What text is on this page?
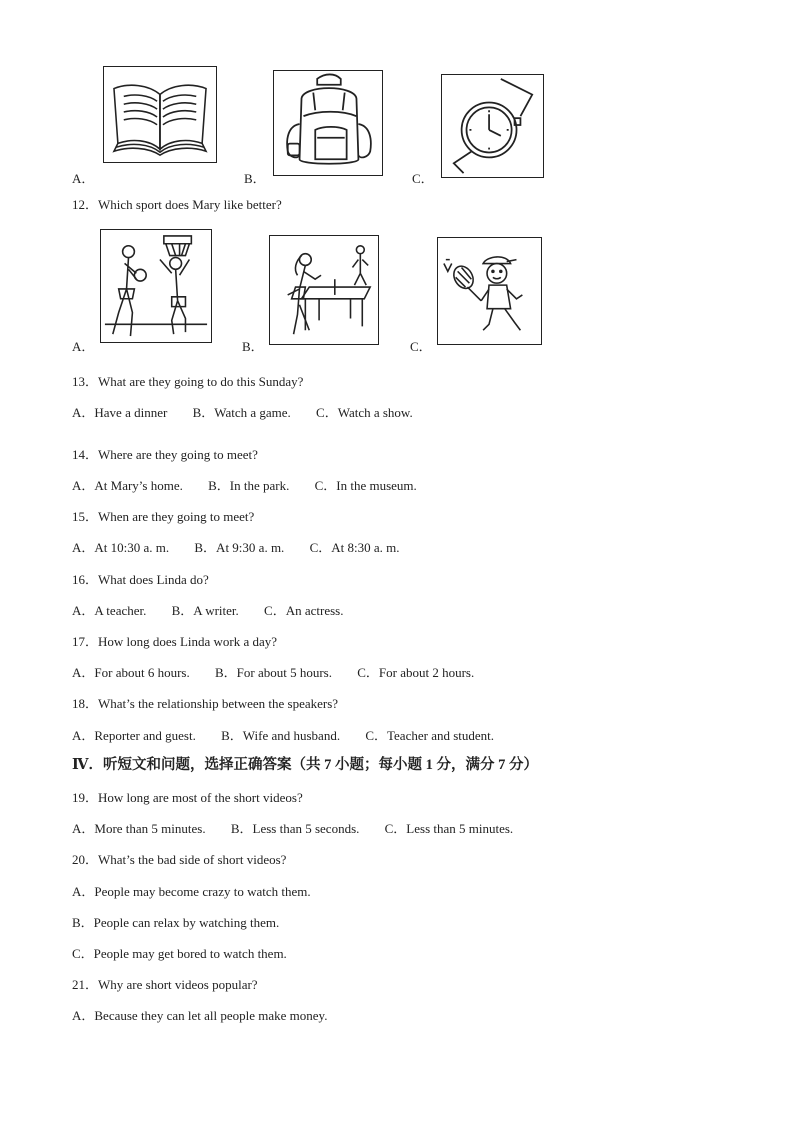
A．	B．	C．
12．Which sport does Mary like better?
A．	B．	C．
13．What are they going to do this Sunday?
A．Have a dinner B．Watch a game. C．Watch a show.
14．Where are they going to meet?
A．At Mary’s home. B．In the park. C．In the museum.
15．When are they going to meet?
A．At 10:30 a. m. B．At 9:30 a. m. C．At 8:30 a. m.
16．What does Linda do?
A．A teacher. B．A writer. C．An actress.
17．How long does Linda work a day?
A．For about 6 hours. B．For about 5 hours. C．For about 2 hours.
18．What’s the relationship between the speakers?
A．Reporter and guest. B．Wife and husband. C．Teacher and student.
Ⅳ．听短文和问题，选择正确答案（共 7 小题；每小题 1 分，满分 7 分）
19．How long are most of the short videos?
A．More than 5 minutes. B．Less than 5 seconds. C．Less than 5 minutes.
20．What’s the bad side of short videos?
A．People may become crazy to watch them.
B．People can relax by watching them.
C．People may get bored to watch them.
21．Why are short videos popular?
A．Because they can let all people make money.
